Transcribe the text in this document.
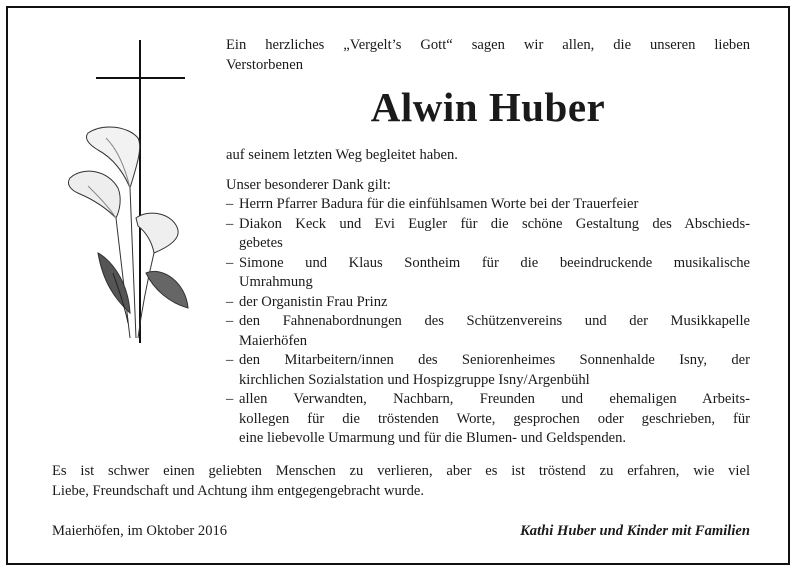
Ein herzliches „Vergelt’s Gott“ sagen wir allen, die unseren lieben
Verstorbenen
Alwin Huber
auf seinem letzten Weg begleitet haben.
Unser besonderer Dank gilt:
– Herrn Pfarrer Badura für die einfühlsamen Worte bei der Trauerfeier
– Diakon Keck und Evi Eugler für die schöne Gestaltung des Abschieds-
gebetes
– Simone und Klaus Sontheim für die beeindruckende musikalische
Umrahmung
– der Organistin Frau Prinz
– den Fahnenabordnungen des Schützenvereins und der Musikkapelle
Maierhöfen
– den Mitarbeitern/innen des Seniorenheimes Sonnenhalde Isny, der
kirchlichen Sozialstation und Hospizgruppe Isny/Argenbühl
– allen Verwandten, Nachbarn, Freunden und ehemaligen Arbeits-
kollegen für die tröstenden Worte, gesprochen oder geschrieben, für
eine liebevolle Umarmung und für die Blumen- und Geldspenden.
Es ist schwer einen geliebten Menschen zu verlieren, aber es ist tröstend zu erfahren, wie viel
Liebe, Freundschaft und Achtung ihm entgegengebracht wurde.
Maierhöfen, im Oktober 2016	Kathi Huber und Kinder mit Familien
